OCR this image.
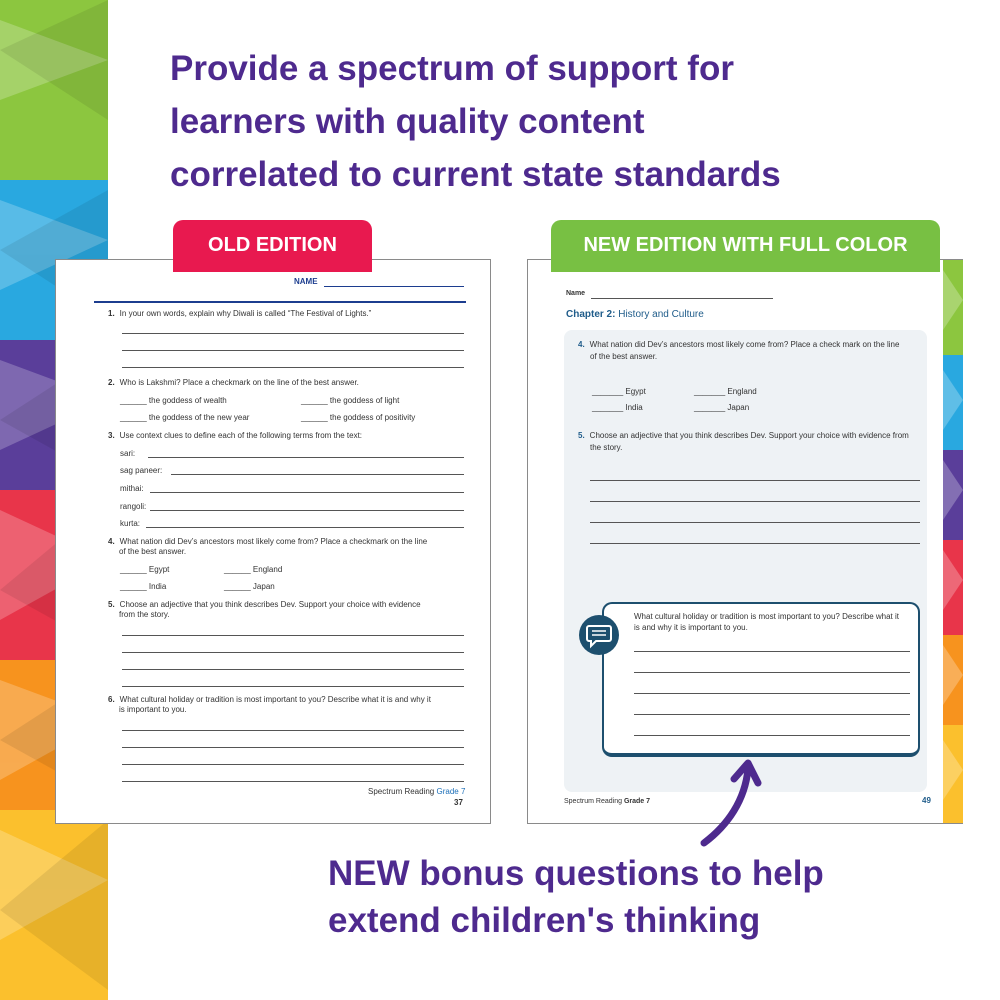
Provide a spectrum of support for
learners with quality content
correlated to current state standards
NAME
1. In your own words, explain why Diwali is called “The Festival of Lights.”
2. Who is Lakshmi? Place a checkmark on the line of the best answer.
______ the goddess of wealth	______ the goddess of light
______ the goddess of the new year	______ the goddess of positivity
3. Use context clues to define each of the following terms from the text:
sari:
sag paneer:
mithai:
rangoli:
kurta:
4. What nation did Dev’s ancestors most likely come from? Place a checkmark on the line
of the best answer.
______ Egypt	______ England
______ India	______ Japan
5. Choose an adjective that you think describes Dev. Support your choice with evidence
from the story.
6. What cultural holiday or tradition is most important to you? Describe what it is and why it
is important to you.
Spectrum Reading Grade 7
37
Name
Chapter 2: History and Culture
4. What nation did Dev’s ancestors most likely come from? Place a check mark on the line
of the best answer.
_______ Egypt	_______ England
_______ India	_______ Japan
5. Choose an adjective that you think describes Dev. Support your choice with evidence from
the story.
What cultural holiday or tradition is most important to you? Describe what it
is and why it is important to you.
Spectrum Reading Grade 7	49
OLD EDITION	NEW EDITION WITH FULL COLOR
NEW bonus questions to help
extend children's thinking
